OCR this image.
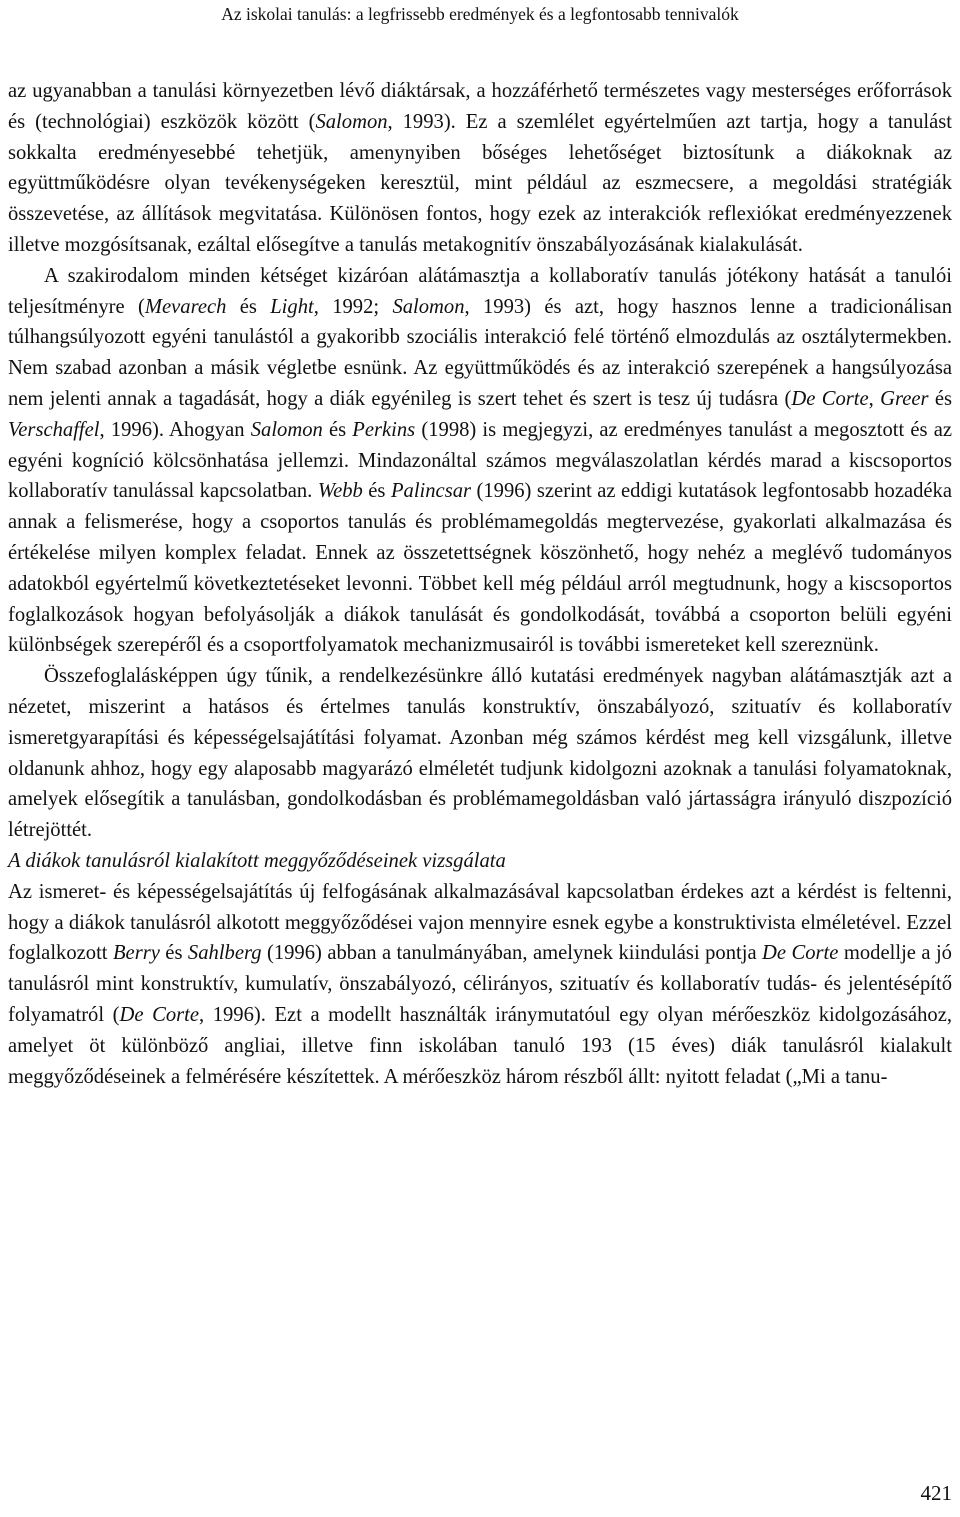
Az iskolai tanulás: a legfrissebb eredmények és a legfontosabb tennivalók

az ugyanabban a tanulási környezetben lévő diáktársak, a hozzáférhető természetes vagy mesterséges erőforrások és (technológiai) eszközök között (Salomon, 1993). Ez a szemlélet egyértelműen azt tartja, hogy a tanulást sokkalta eredményesebbé tehetjük, amenynyiben bőséges lehetőséget biztosítunk a diákoknak az együttműködésre olyan tevékenységeken keresztül, mint például az eszmecsere, a megoldási stratégiák összevetése, az állítások megvitatása. Különösen fontos, hogy ezek az interakciók reflexiókat eredményezzenek illetve mozgósítsanak, ezáltal elősegítve a tanulás metakognitív önszabályozásának kialakulását.

A szakirodalom minden kétséget kizáróan alátámasztja a kollaboratív tanulás jótékony hatását a tanulói teljesítményre (Mevarech és Light, 1992; Salomon, 1993) és azt, hogy hasznos lenne a tradicionálisan túlhangsúlyozott egyéni tanulástól a gyakoribb szociális interakció felé történő elmozdulás az osztálytermekben. Nem szabad azonban a másik végletbe esnünk. Az együttműködés és az interakció szerepének a hangsúlyozása nem jelenti annak a tagadását, hogy a diák egyénileg is szert tehet és szert is tesz új tudásra (De Corte, Greer és Verschaffel, 1996). Ahogyan Salomon és Perkins (1998) is megjegyzi, az eredményes tanulást a megosztott és az egyéni kogníció kölcsönhatása jellemzi. Mindazonáltal számos megválaszolatlan kérdés marad a kiscsoportos kollaboratív tanulással kapcsolatban. Webb és Palincsar (1996) szerint az eddigi kutatások legfontosabb hozadéka annak a felismerése, hogy a csoportos tanulás és problémamegoldás megtervezése, gyakorlati alkalmazása és értékelése milyen komplex feladat. Ennek az összetettségnek köszönhető, hogy nehéz a meglévő tudományos adatokból egyértelmű következtetéseket levonni. Többet kell még például arról megtudnunk, hogy a kiscsoportos foglalkozások hogyan befolyásolják a diákok tanulását és gondolkodását, továbbá a csoporton belüli egyéni különbségek szerepéről és a csoportfolyamatok mechanizmusairól is további ismereteket kell szereznünk.

Összefoglalásképpen úgy tűnik, a rendelkezésünkre álló kutatási eredmények nagyban alátámasztják azt a nézetet, miszerint a hatásos és értelmes tanulás konstruktív, önszabályozó, szituatív és kollaboratív ismeretgyarapítási és képességelsajátítási folyamat. Azonban még számos kérdést meg kell vizsgálunk, illetve oldanunk ahhoz, hogy egy alaposabb magyarázó elméletét tudjunk kidolgozni azoknak a tanulási folyamatoknak, amelyek elősegítik a tanulásban, gondolkodásban és problémamegoldásban való jártasságra irányuló diszpozíció létrejöttét.

A diákok tanulásról kialakított meggyőződéseinek vizsgálata

Az ismeret- és képességelsajátítás új felfogásának alkalmazásával kapcsolatban érdekes azt a kérdést is feltenni, hogy a diákok tanulásról alkotott meggyőződései vajon mennyire esnek egybe a konstruktivista elméletével. Ezzel foglalkozott Berry és Sahlberg (1996) abban a tanulmányában, amelynek kiindulási pontja De Corte modellje a jó tanulásról mint konstruktív, kumulatív, önszabályozó, célirányos, szituatív és kollaboratív tudás- és jelentésépítő folyamatról (De Corte, 1996). Ezt a modellt használták iránymutatóul egy olyan mérőeszköz kidolgozásához, amelyet öt különböző angliai, illetve finn iskolában tanuló 193 (15 éves) diák tanulásról kialakult meggyőződéseinek a felmérésére készítettek. A mérőeszköz három részből állt: nyitott feladat („Mi a tanu-

421
